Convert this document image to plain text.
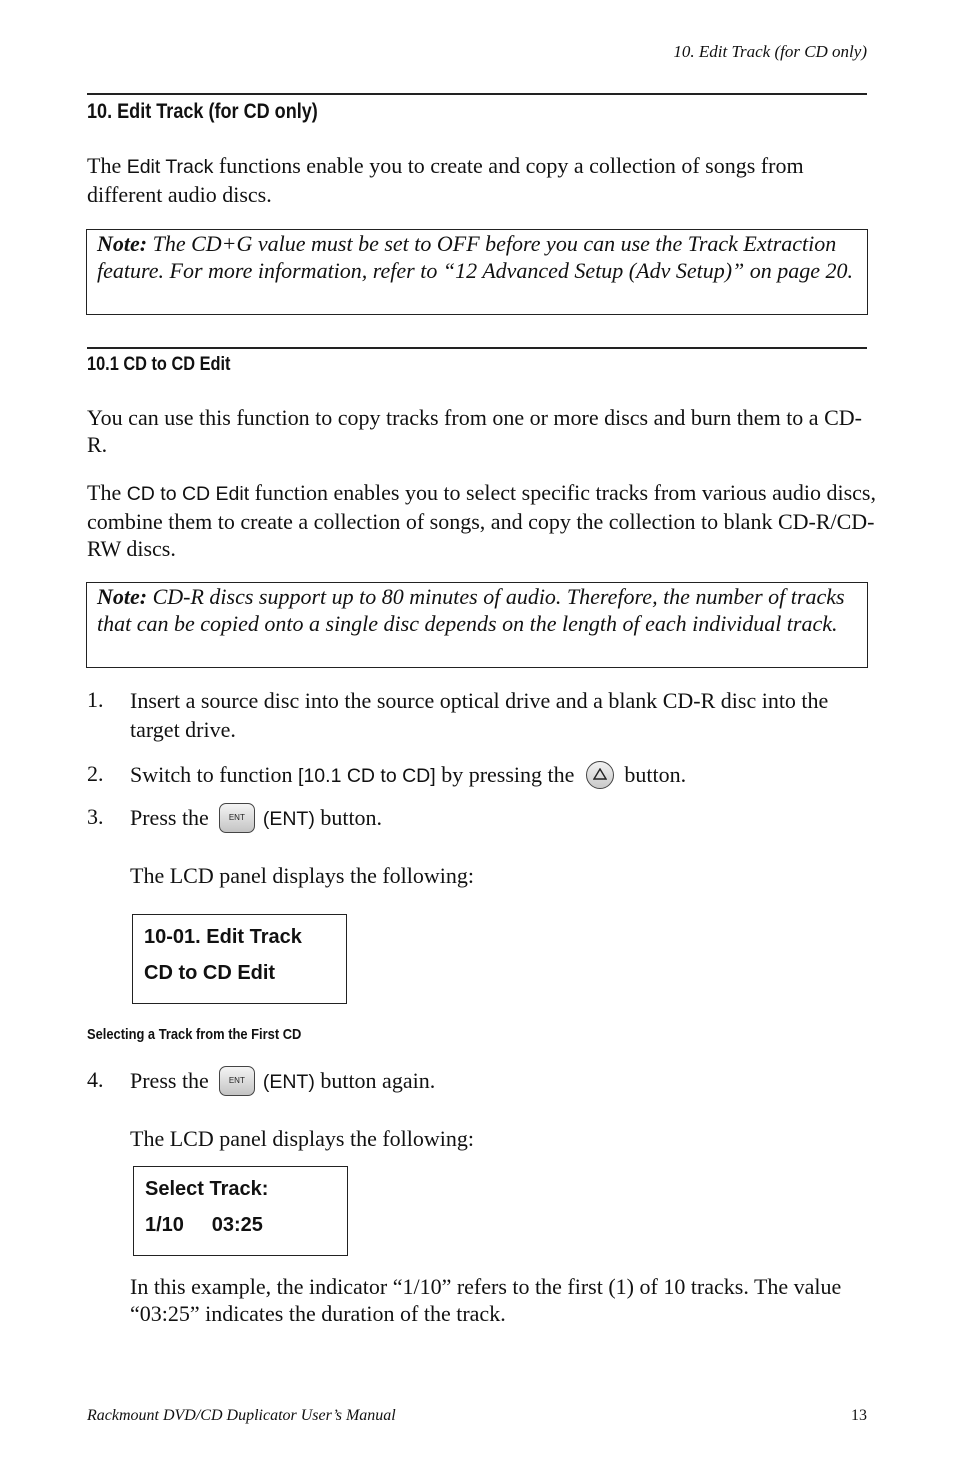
10. Edit Track (for CD only)
10. Edit Track (for CD only)
The Edit Track functions enable you to create and copy a collection of songs from different audio discs.
Note: The CD+G value must be set to OFF before you can use the Track Extraction feature. For more information, refer to “12 Advanced Setup (Adv Setup)” on page 20.
10.1 CD to CD Edit
You can use this function to copy tracks from one or more discs and burn them to a CD-R.
The CD to CD Edit function enables you to select specific tracks from various audio discs, combine them to create a collection of songs, and copy the collection to blank CD-R/CD-RW discs.
Note: CD-R discs support up to 80 minutes of audio. Therefore, the number of tracks that can be copied onto a single disc depends on the length of each individual track.
1. Insert a source disc into the source optical drive and a blank CD-R disc into the target drive.
2. Switch to function [10.1 CD to CD] by pressing the button.
3. Press the	ENT (ENT) button.
The LCD panel displays the following:
10-01. Edit Track
CD to CD Edit
Selecting a Track from the First CD
4. Press the	ENT (ENT) button again.
The LCD panel displays the following:
Select Track:
1/10     03:25
In this example, the indicator “1/10” refers to the first (1) of 10 tracks. The value “03:25” indicates the duration of the track.
Rackmount DVD/CD Duplicator User’s Manual	13
